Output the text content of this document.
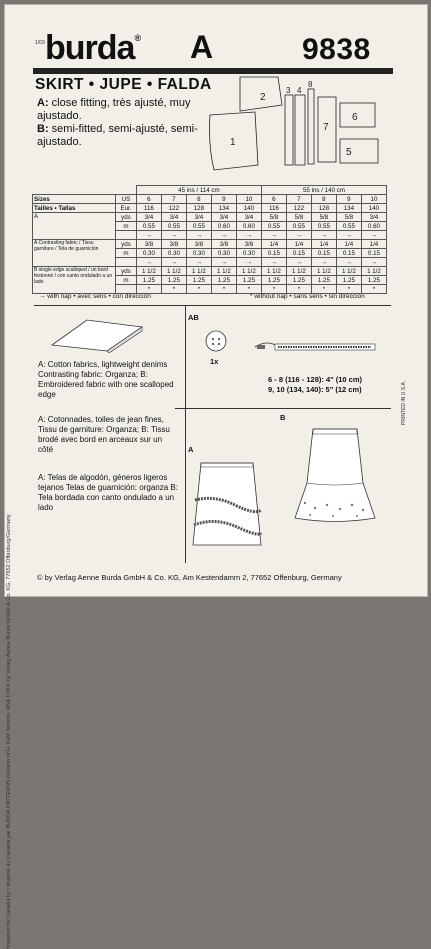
Imported for Canada by / Importé au Canada par BURDA PATTERNS Division of H. Kidd Toronto, M5A 1T8 © by Verlag Aenne Burda GmbH & Co. KG, 77652 Offenburg/Germany
1/03 burda® A	9838
SKIRT • JUPE • FALDA
A: close fitting, très ajusté, muy ajustado.
B: semi-fitted, semi-ajusté, semi-ajustado.
2
1
3 4
8
7
6
5
		45 ins / 114 cm					55 ins / 140 cm				
Sizes	US	6	7	8	9	10	6	7	8	9	10
Tailles • Tallas	Eur.	116	122	128	134	140	116	122	128	134	140
A	yds	3/4	3/4	3/4	3/4	3/4	5/8	5/8	5/8	5/8	3/4
	m	0.55	0.55	0.55	0.60	0.60	0.55	0.55	0.55	0.55	0.60
		→	→	→	→	→	→	→	→	→	→
A Contrasting fabric / Tissu garniture / Tela de guarnición	yds	3/8	3/8	3/8	3/8	3/8	1/4	1/4	1/4	1/4	1/4
	m	0.30	0.30	0.30	0.30	0.30	0.15	0.15	0.15	0.15	0.15
		→	→	→	→	→	→	→	→	→	→
B single edge scalloped / un bord festonné / con canto ondulado a un lado	yds	1 1/2	1 1/2	1 1/2	1 1/2	1 1/2	1 1/2	1 1/2	1 1/2	1 1/2	1 1/2
	m	1.25	1.25	1.25	1.25	1.25	1.25	1.25	1.25	1.25	1.25
		*	*	*	*	*	*	*	*	*	*
→ with nap • avec sens • con dirección	* without nap • sans sens • sin dirección
A: Cotton fabrics, lightweight denims Contrasting fabric: Organza; B: Embroidered fabric with one scalloped edge
A: Cotonnades, toiles de jean fines, Tissu de garniture: Organza; B: Tissu brodé avec bord en arceaux sur un côté
A: Telas de algodón, géneros ligeros tejanos Telas de guarnición: organza B: Tela bordada con canto ondulado a un lado
AB
1x
6 - 8 (116 - 128): 4" (10 cm)
9, 10 (134, 140): 5" (12 cm)
A
B	PRINTED IN U.S.A.
© by Verlag Aenne Burda GmbH & Co. KG, Am Kestendamm 2, 77652 Offenburg, Germany
